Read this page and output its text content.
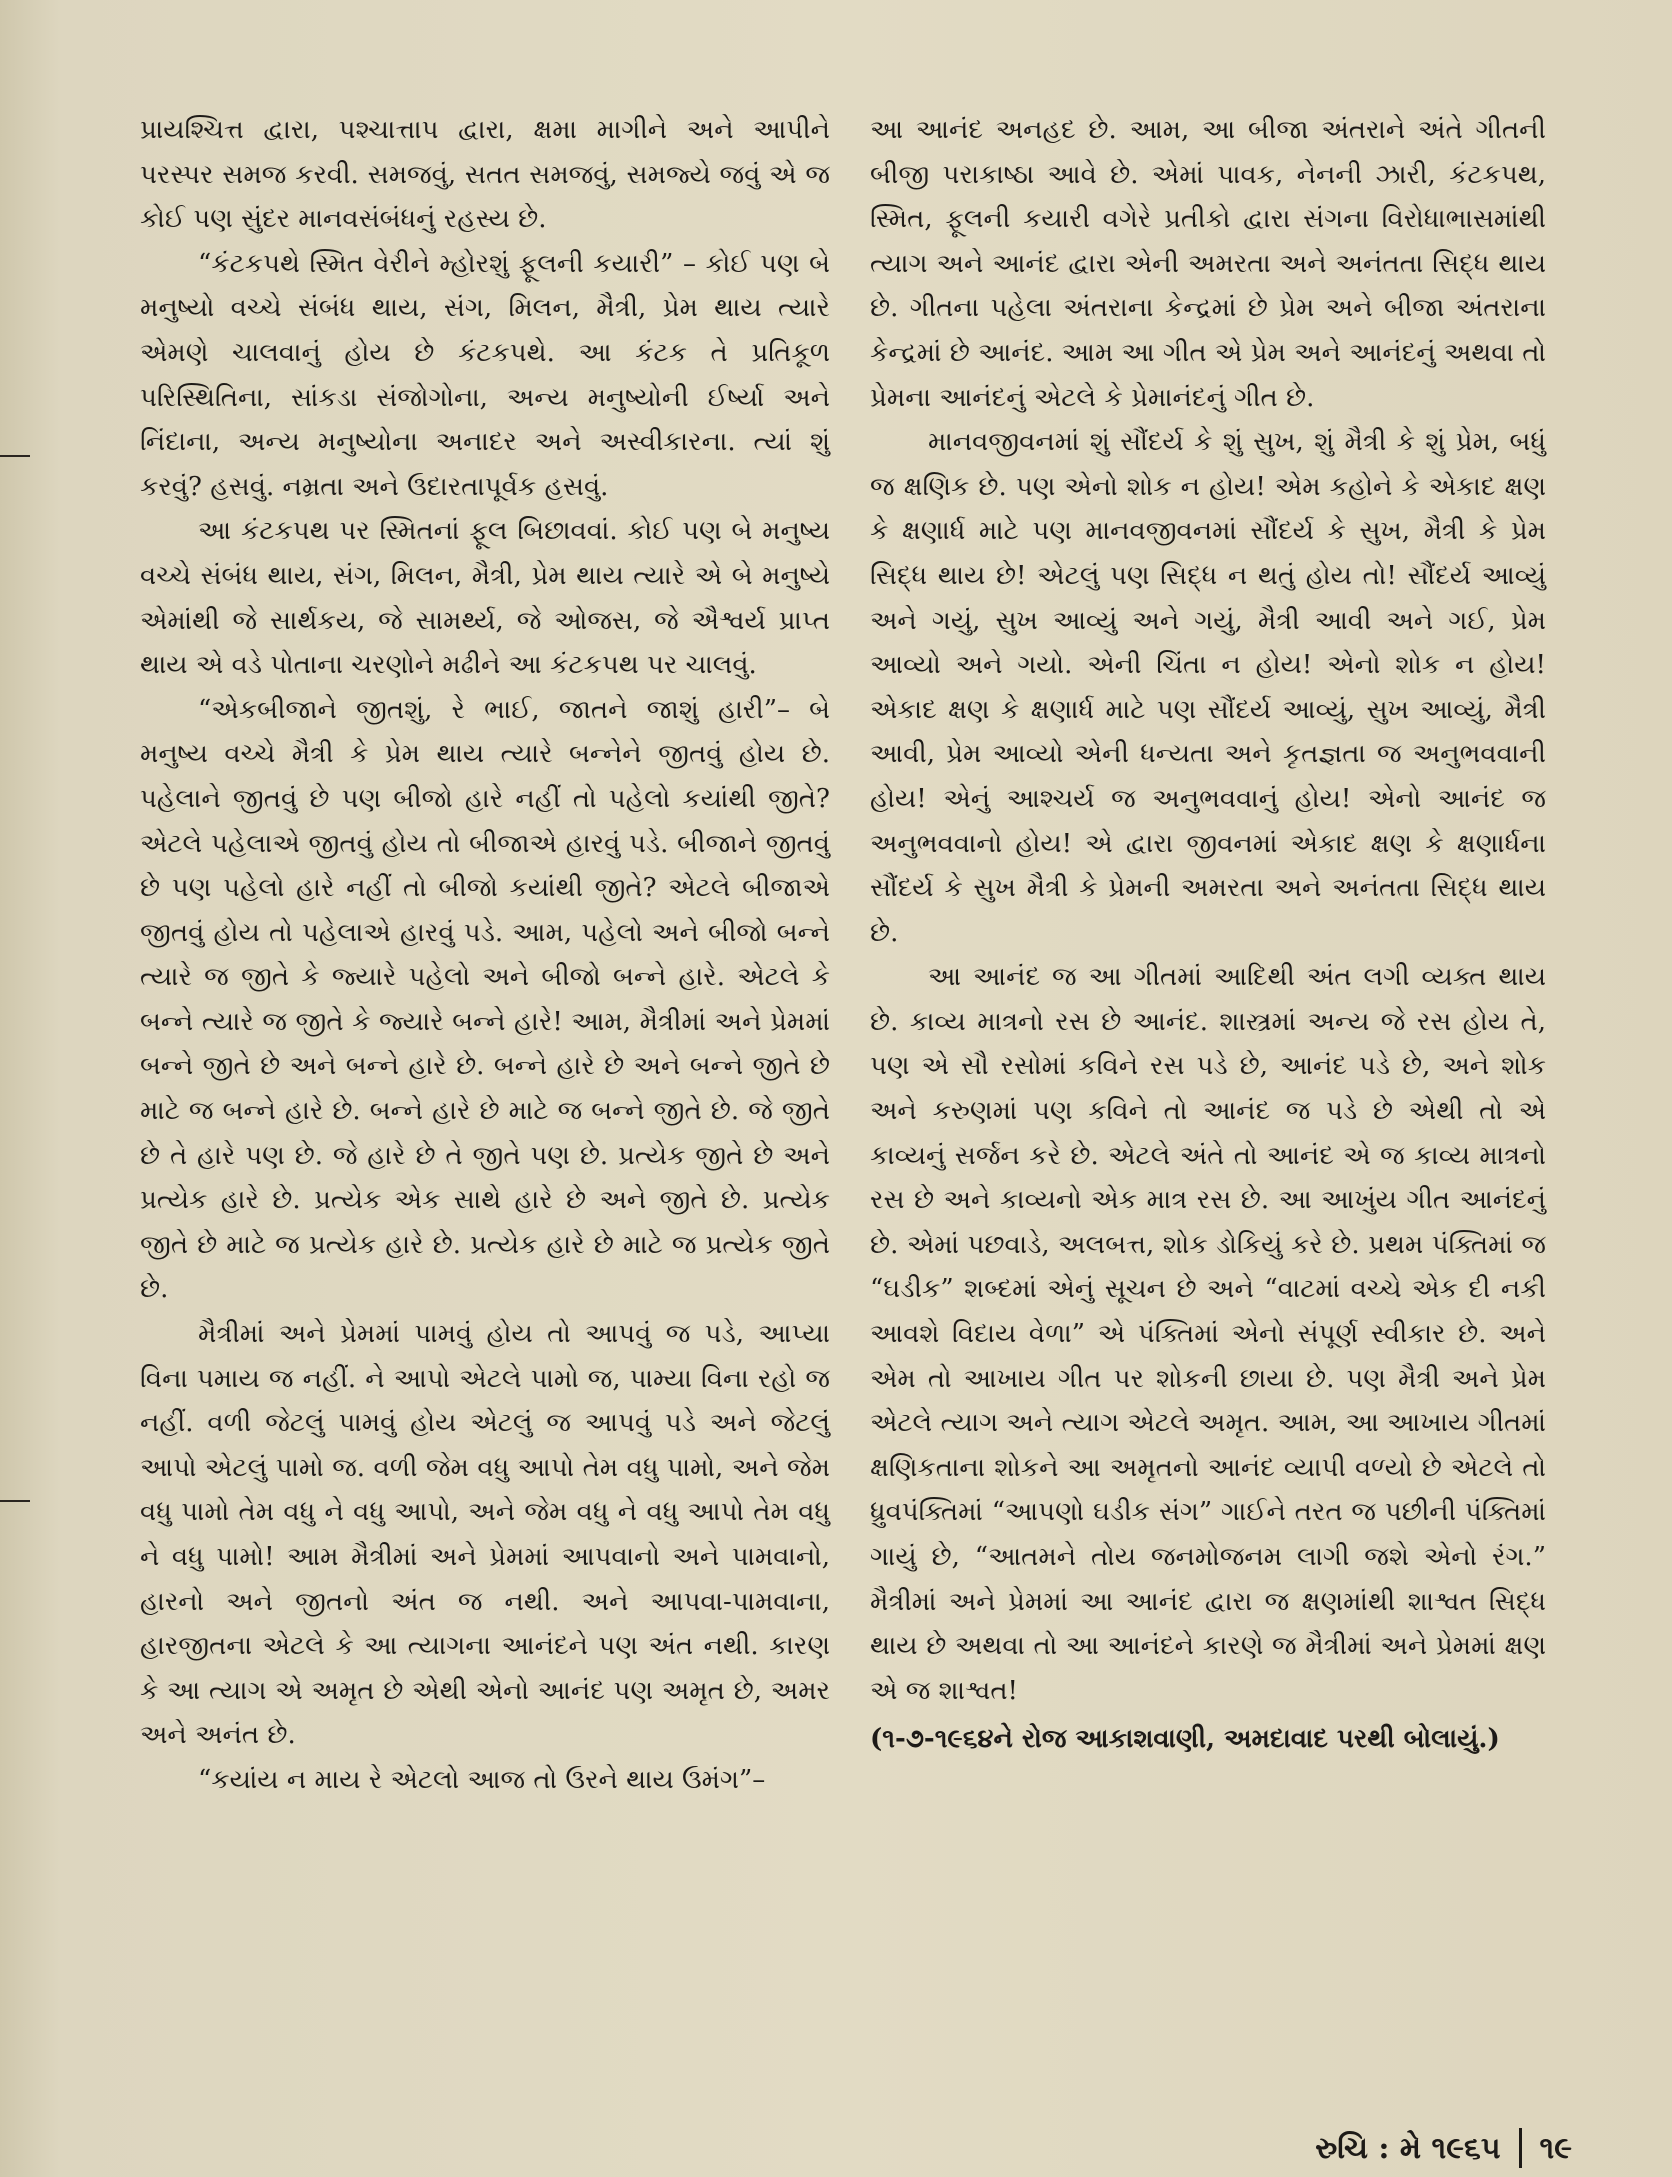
પ્રાયશ્ચિત્ત દ્વારા, પશ્ચાત્તાપ દ્વારા, ક્ષમા માગીને અને આપીને પરસ્પર સમજ કરવી. સમજવું, સતત સમજવું, સમજ્યે જવું એ જ કોઈ પણ સુંદર માનવસંબંધનું રહસ્ય છે.

“કંટકપથે સ્મિત વેરીને મ્હોરશું ફૂલની કયારી” – કોઈ પણ બે મનુષ્યો વચ્ચે સંબંધ થાય, સંગ, મિલન, મૈત્રી, પ્રેમ થાય ત્યારે એમણે ચાલવાનું હોય છે કંટકપથે. આ કંટક તે પ્રતિકૂળ પરિસ્થિતિના, સાંકડા સંજોગોના, અન્ય મનુષ્યોની ઈર્ષ્યા અને નિંદાના, અન્ય મનુષ્યોના અનાદર અને અસ્વીકારના. ત્યાં શું કરવું? હસવું. નમ્રતા અને ઉદારતાપૂર્વક હસવું.

આ કંટકપથ પર સ્મિતનાં ફૂલ બિછાવવાં. કોઈ પણ બે મનુષ્ય વચ્ચે સંબંધ થાય, સંગ, મિલન, મૈત્રી, પ્રેમ થાય ત્યારે એ બે મનુષ્યે એમાંથી જે સાર્થકય, જે સામર્થ્ય, જે ઓજસ, જે ઐશ્વર્ય પ્રાપ્ત થાય એ વડે પોતાના ચરણોને મઢીને આ કંટકપથ પર ચાલવું.

“એકબીજાને જીતશું, રે ભાઈ, જાતને જાશું હારી”– બે મનુષ્ય વચ્ચે મૈત્રી કે પ્રેમ થાય ત્યારે બન્નેને જીતવું હોય છે. પહેલાને જીતવું છે પણ બીજો હારે નહીં તો પહેલો કયાંથી જીતે? એટલે પહેલાએ જીતવું હોય તો બીજાએ હારવું પડે. બીજાને જીતવું છે પણ પહેલો હારે નહીં તો બીજો કયાંથી જીતે? એટલે બીજાએ જીતવું હોય તો પહેલાએ હારવું પડે. આમ, પહેલો અને બીજો બન્ને ત્યારે જ જીતે કે જ્યારે પહેલો અને બીજો બન્ને હારે. એટલે કે બન્ને ત્યારે જ જીતે કે જ્યારે બન્ને હારે! આમ, મૈત્રીમાં અને પ્રેમમાં બન્ને જીતે છે અને બન્ને હારે છે. બન્ને હારે છે અને બન્ને જીતે છે માટે જ બન્ને હારે છે. બન્ને હારે છે માટે જ બન્ને જીતે છે. જે જીતે છે તે હારે પણ છે. જે હારે છે તે જીતે પણ છે. પ્રત્યેક જીતે છે અને પ્રત્યેક હારે છે. પ્રત્યેક એક સાથે હારે છે અને જીતે છે. પ્રત્યેક જીતે છે માટે જ પ્રત્યેક હારે છે. પ્રત્યેક હારે છે માટે જ પ્રત્યેક જીતે છે.

મૈત્રીમાં અને પ્રેમમાં પામવું હોય તો આપવું જ પડે, આપ્યા વિના પમાય જ નહીં. ને આપો એટલે પામો જ, પામ્યા વિના રહો જ નહીં. વળી જેટલું પામવું હોય એટલું જ આપવું પડે અને જેટલું આપો એટલું પામો જ. વળી જેમ વધુ આપો તેમ વધુ પામો, અને જેમ વધુ પામો તેમ વધુ ને વધુ આપો, અને જેમ વધુ ને વધુ આપો તેમ વધુ ને વધુ પામો! આમ મૈત્રીમાં અને પ્રેમમાં આપવાનો અને પામવાનો, હારનો અને જીતનો અંત જ નથી. અને આપવા-પામવાના, હારજીતના એટલે કે આ ત્યાગના આનંદને પણ અંત નથી. કારણ કે આ ત્યાગ એ અમૃત છે એથી એનો આનંદ પણ અમૃત છે, અમર અને અનંત છે.

“કયાંય ન માય રે એટલો આજ તો ઉરને થાય ઉમંગ”–

આ આનંદ અનહદ છે. આમ, આ બીજા અંતરાને અંતે ગીતની બીજી પરાકાષ્ઠા આવે છે. એમાં પાવક, નેનની ઝારી, કંટકપથ, સ્મિત, ફૂલની કયારી વગેરે પ્રતીકો દ્વારા સંગના વિરોધાભાસમાંથી ત્યાગ અને આનંદ દ્વારા એની અમરતા અને અનંતતા સિદ્ધ થાય છે. ગીતના પહેલા અંતરાના કેન્દ્રમાં છે પ્રેમ અને બીજા અંતરાના કેન્દ્રમાં છે આનંદ. આમ આ ગીત એ પ્રેમ અને આનંદનું અથવા તો પ્રેમના આનંદનું એટલે કે પ્રેમાનંદનું ગીત છે.

માનવજીવનમાં શું સૌંદર્ય કે શું સુખ, શું મૈત્રી કે શું પ્રેમ, બધું જ ક્ષણિક છે. પણ એનો શોક ન હોય! એમ કહોને કે એકાદ ક્ષણ કે ક્ષણાર્ધ માટે પણ માનવજીવનમાં સૌંદર્ય કે સુખ, મૈત્રી કે પ્રેમ સિદ્ધ થાય છે! એટલું પણ સિદ્ધ ન થતું હોય તો! સૌંદર્ય આવ્યું અને ગયું, સુખ આવ્યું અને ગયું, મૈત્રી આવી અને ગઈ, પ્રેમ આવ્યો અને ગયો. એની ચિંતા ન હોય! એનો શોક ન હોય! એકાદ ક્ષણ કે ક્ષણાર્ધ માટે પણ સૌંદર્ય આવ્યું, સુખ આવ્યું, મૈત્રી આવી, પ્રેમ આવ્યો એની ધન્યતા અને કૃતજ્ઞતા જ અનુભવવાની હોય! એનું આશ્ચર્ય જ અનુભવવાનું હોય! એનો આનંદ જ અનુભવવાનો હોય! એ દ્વારા જીવનમાં એકાદ ક્ષણ કે ક્ષણાર્ધના સૌંદર્ય કે સુખ મૈત્રી કે પ્રેમની અમરતા અને અનંતતા સિદ્ધ થાય છે.

આ આનંદ જ આ ગીતમાં આદિથી અંત લગી વ્યક્ત થાય છે. કાવ્ય માત્રનો રસ છે આનંદ. શાસ્ત્રમાં અન્ય જે રસ હોય તે, પણ એ સૌ રસોમાં કવિને રસ પડે છે, આનંદ પડે છે, અને શોક અને કરુણમાં પણ કવિને તો આનંદ જ પડે છે એથી તો એ કાવ્યનું સર્જન કરે છે. એટલે અંતે તો આનંદ એ જ કાવ્ય માત્રનો રસ છે અને કાવ્યનો એક માત્ર રસ છે. આ આખુંય ગીત આનંદનું છે. એમાં પછવાડે, અલબત્ત, શોક ડોકિયું કરે છે. પ્રથમ પંક્તિમાં જ “ઘડીક” શબ્દમાં એનું સૂચન છે અને “વાટમાં વચ્ચે એક દી નકી આવશે વિદાય વેળા” એ પંક્તિમાં એનો સંપૂર્ણ સ્વીકાર છે. અને એમ તો આખાય ગીત પર શોકની છાયા છે. પણ મૈત્રી અને પ્રેમ એટલે ત્યાગ અને ત્યાગ એટલે અમૃત. આમ, આ આખાય ગીતમાં ક્ષણિકતાના શોકને આ અમૃતનો આનંદ વ્યાપી વળ્યો છે એટલે તો ધ્રુવપંક્તિમાં “આપણો ઘડીક સંગ” ગાઈને તરત જ પછીની પંક્તિમાં ગાયું છે, “આતમને તોય જનમોજનમ લાગી જશે એનો રંગ.” મૈત્રીમાં અને પ્રેમમાં આ આનંદ દ્વારા જ ક્ષણમાંથી શાશ્વત સિદ્ધ થાય છે અથવા તો આ આનંદને કારણે જ મૈત્રીમાં અને પ્રેમમાં ક્ષણ એ જ શાશ્વત!

(૧-૭-૧૯૬૪ને રોજ આકાશવાણી, અમદાવાદ પરથી બોલાયું.)

રુચિ : મે ૧૯૬૫ ૧૯
